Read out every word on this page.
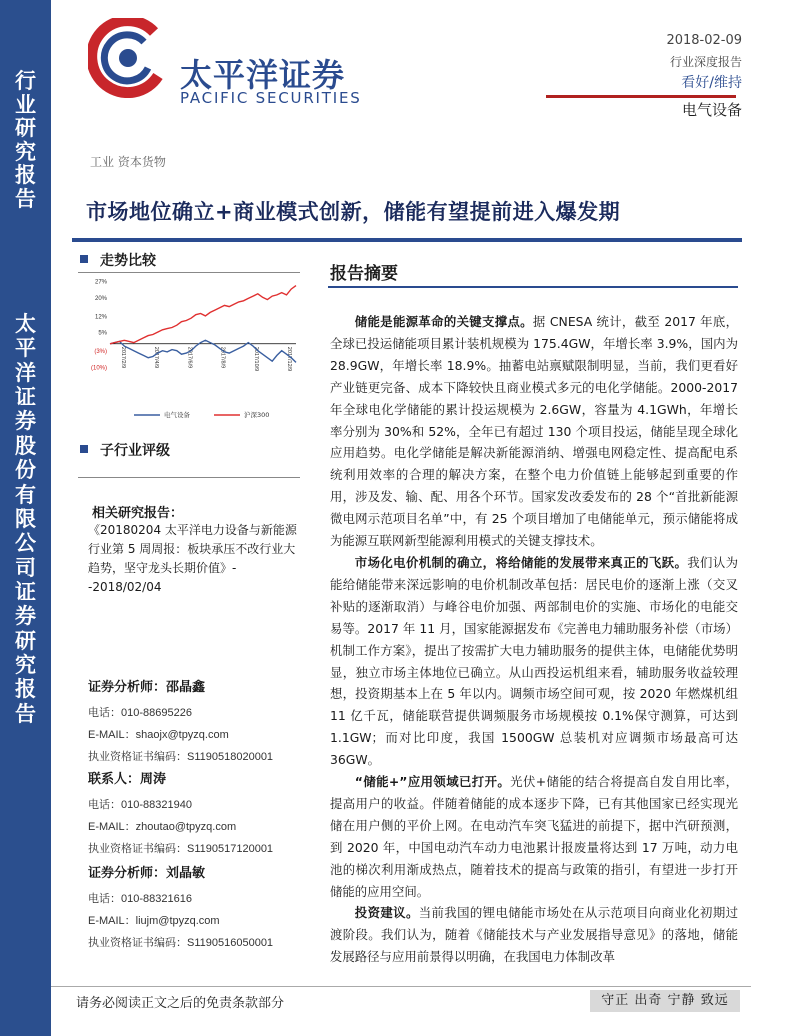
行
业
研
究
报
告
太
平
洋
证
券
股
份
有
限
公
司
证
券
研
究
报
告
太平洋证券
PACIFIC SECURITIES
2018-02-09
行业深度报告
看好/维持
电气设备
工业 资本货物
市场地位确立+商业模式创新，储能有望提前进入爆发期
走势比较
27%
20%
12%
5%
(3%)
(10%)
2017/2/9	2017/4/9	2017/6/9	2017/8/9	2017/10/9	2017/12/9
电气设备	沪深300
子行业评级
相关研究报告：
《20180204 太平洋电力设备与新能源行业第 5 周周报：板块承压不改行业大趋势，坚守龙头长期价值》--2018/02/04
证券分析师：邵晶鑫
电话：010-88695226
E-MAIL：shaojx@tpyzq.com
执业资格证书编码：S1190518020001
联系人：周涛
电话：010-88321940
E-MAIL：zhoutao@tpyzq.com
执业资格证书编码：S1190517120001
证券分析师：刘晶敏
电话：010-88321616
E-MAIL：liujm@tpyzq.com
执业资格证书编码：S1190516050001
报告摘要

储能是能源革命的关键支撑点。据 CNESA 统计，截至 2017 年底，全球已投运储能项目累计装机规模为 175.4GW，年增长率 3.9%，国内为 28.9GW，年增长率 18.9%。抽蓄电站禀赋限制明显，当前，我们更看好产业链更完备、成本下降较快且商业模式多元的电化学储能。2000-2017 年全球电化学储能的累计投运规模为 2.6GW，容量为 4.1GWh，年增长率分别为 30%和 52%，全年已有超过 130 个项目投运，储能呈现全球化应用趋势。电化学储能是解决新能源消纳、增强电网稳定性、提高配电系统利用效率的合理的解决方案，在整个电力价值链上能够起到重要的作用，涉及发、输、配、用各个环节。国家发改委发布的 28 个“首批新能源微电网示范项目名单”中，有 25 个项目增加了电储能单元，预示储能将成为能源互联网新型能源利用模式的关键支撑技术。

市场化电价机制的确立，将给储能的发展带来真正的飞跃。我们认为能给储能带来深远影响的电价机制改革包括：居民电价的逐渐上涨（交叉补贴的逐渐取消）与峰谷电价加强、两部制电价的实施、市场化的电能交易等。2017 年 11 月，国家能源据发布《完善电力辅助服务补偿（市场）机制工作方案》，提出了按需扩大电力辅助服务的提供主体，电储能优势明显，独立市场主体地位已确立。从山西投运机组来看，辅助服务收益较理想，投资期基本上在 5 年以内。调频市场空间可观，按 2020 年燃煤机组 11 亿千瓦，储能联营提供调频服务市场规模按 0.1%保守测算，可达到 1.1GW；而对比印度，我国 1500GW 总装机对应调频市场最高可达 36GW。

“储能+”应用领域已打开。光伏+储能的结合将提高自发自用比率，提高用户的收益。伴随着储能的成本逐步下降，已有其他国家已经实现光储在用户侧的平价上网。在电动汽车突飞猛进的前提下，据中汽研预测，到 2020 年，中国电动汽车动力电池累计报废量将达到 17 万吨，动力电池的梯次利用渐成热点，随着技术的提高与政策的指引，有望进一步打开储能的应用空间。

投资建议。当前我国的锂电储能市场处在从示范项目向商业化初期过渡阶段。我们认为，随着《储能技术与产业发展指导意见》的落地，储能发展路径与应用前景得以明确，在我国电力体制改革

请务必阅读正文之后的免责条款部分	守正 出奇 宁静 致远
